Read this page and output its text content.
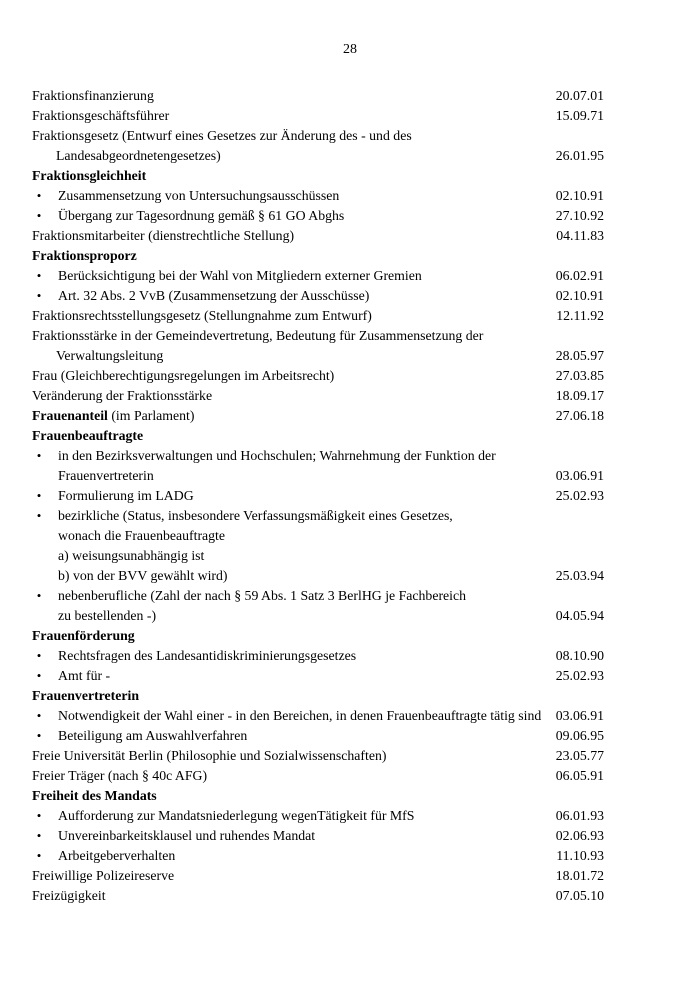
28
Fraktionsfinanzierung	20.07.01
Fraktionsgeschäftsführer	15.09.71
Fraktionsgesetz (Entwurf eines Gesetzes zur Änderung des - und des
Landesabgeordnetengesetzes)	26.01.95
Fraktionsgleichheit
•	Zusammensetzung von Untersuchungsausschüssen	02.10.91
•	Übergang zur Tagesordnung gemäß § 61 GO Abghs	27.10.92
Fraktionsmitarbeiter (dienstrechtliche Stellung)	04.11.83
Fraktionsproporz
•	Berücksichtigung bei der Wahl von Mitgliedern externer Gremien	06.02.91
•	Art. 32 Abs. 2 VvB (Zusammensetzung der Ausschüsse)	02.10.91
Fraktionsrechtsstellungsgesetz (Stellungnahme zum Entwurf)	12.11.92
Fraktionsstärke in der Gemeindevertretung, Bedeutung für Zusammensetzung der
Verwaltungsleitung	28.05.97
Frau (Gleichberechtigungsregelungen im Arbeitsrecht)	27.03.85
Veränderung der Fraktionsstärke	18.09.17
Frauenanteil (im Parlament)	27.06.18
Frauenbeauftragte
•	in den Bezirksverwaltungen und Hochschulen; Wahrnehmung der Funktion der
Frauenvertreterin	03.06.91
•	Formulierung im LADG	25.02.93
•	bezirkliche (Status, insbesondere Verfassungsmäßigkeit eines Gesetzes,
wonach die Frauenbeauftragte
a) weisungsunabhängig ist
b) von der BVV gewählt wird)	25.03.94
•	nebenberufliche (Zahl der nach § 59 Abs. 1 Satz 3 BerlHG je Fachbereich
zu bestellenden -)	04.05.94
Frauenförderung
•	Rechtsfragen des Landesantidiskriminierungsgesetzes	08.10.90
•	Amt für -	25.02.93
Frauenvertreterin
•	Notwendigkeit der Wahl einer - in den Bereichen, in denen Frauenbeauftragte tätig sind 03.06.91
•	Beteiligung am Auswahlverfahren	09.06.95
Freie Universität Berlin (Philosophie und Sozialwissenschaften)	23.05.77
Freier Träger (nach § 40c AFG)	06.05.91
Freiheit des Mandats
•	Aufforderung zur Mandatsniederlegung wegenTätigkeit für MfS	06.01.93
•	Unvereinbarkeitsklausel und ruhendes Mandat	02.06.93
•	Arbeitgeberverhalten	11.10.93
Freiwillige Polizeireserve	18.01.72
Freizügigkeit	07.05.10
